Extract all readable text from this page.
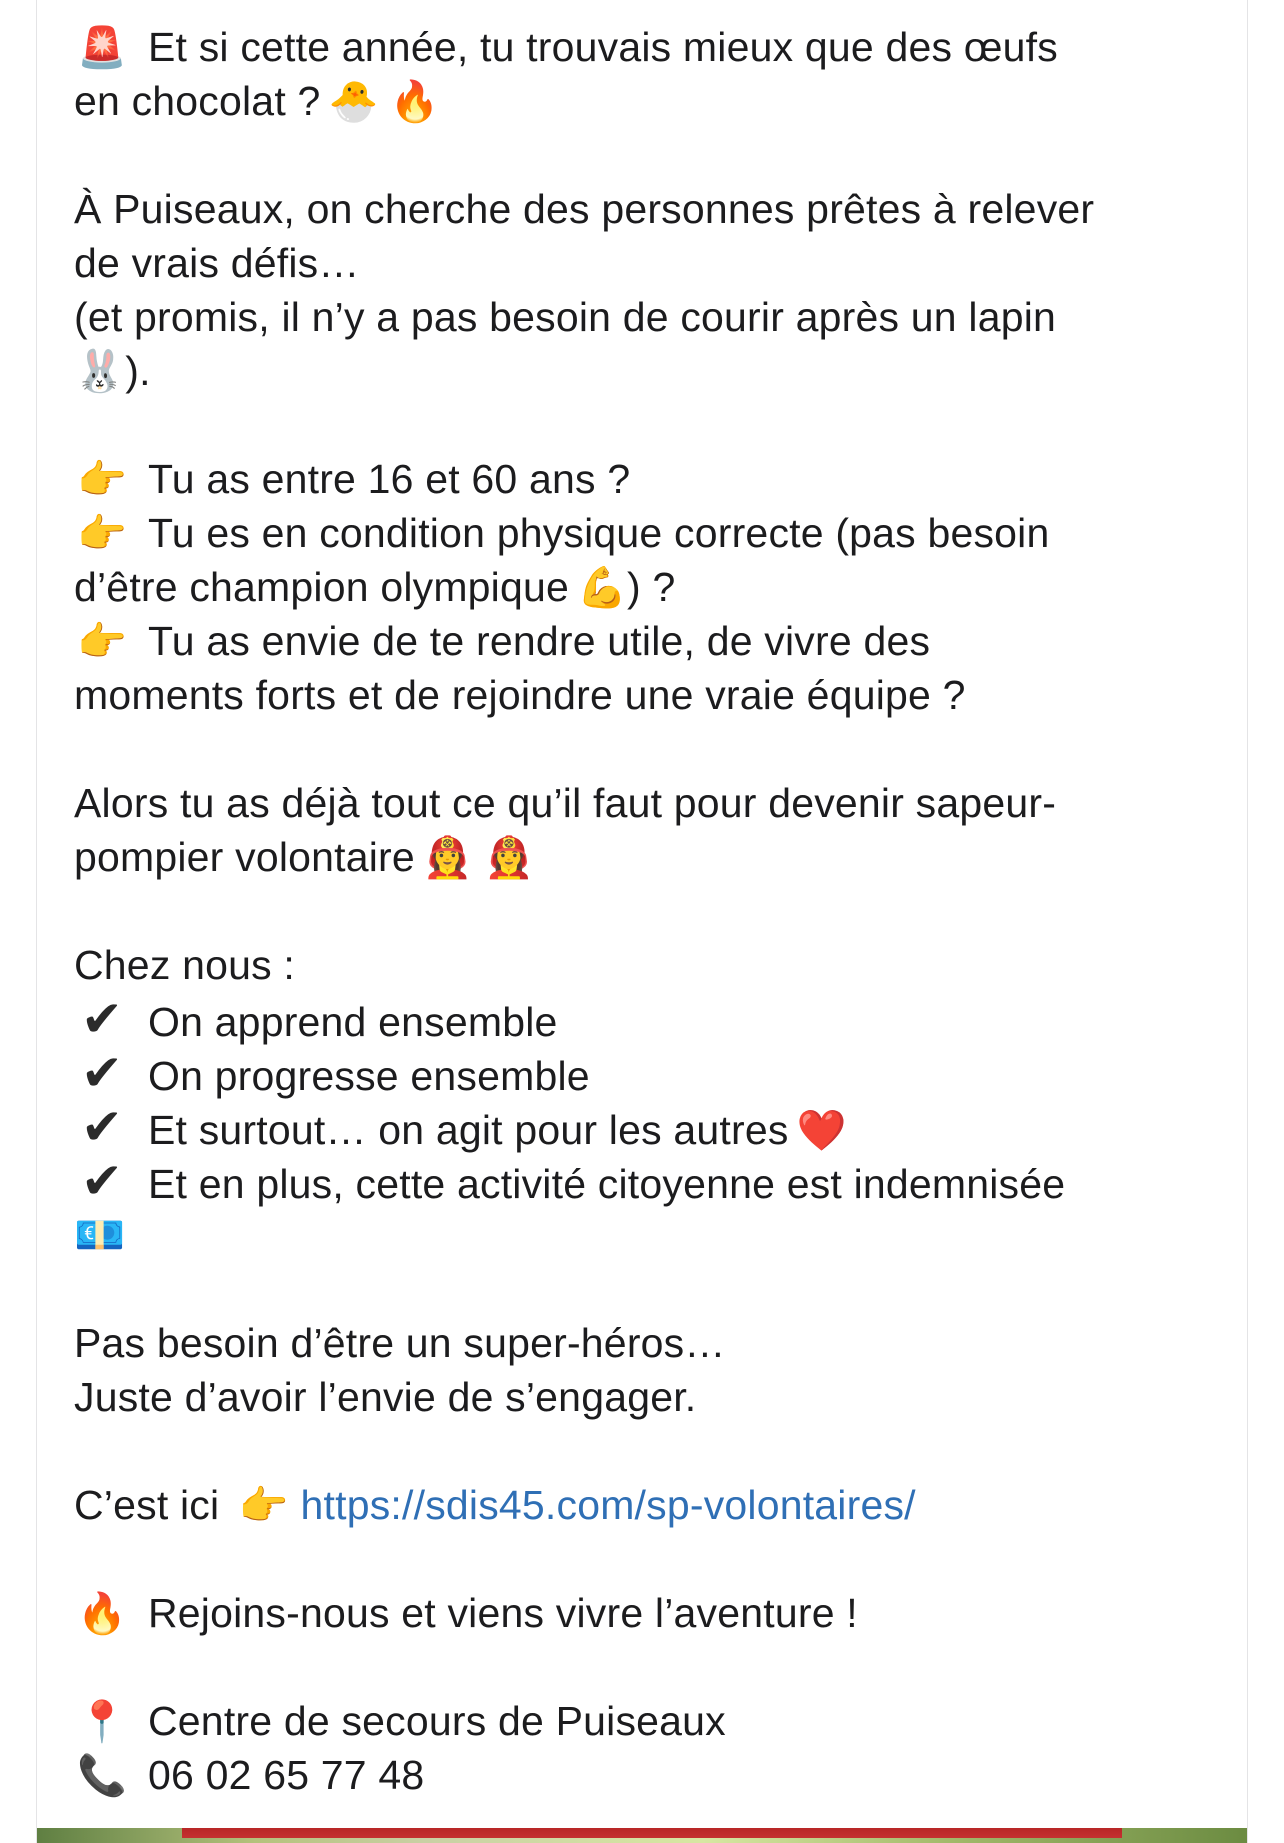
🚨 Et si cette année, tu trouvais mieux que des œufs
en chocolat ? 🐣 🔥
À Puiseaux, on cherche des personnes prêtes à relever
de vrais défis…
(et promis, il n’y a pas besoin de courir après un lapin
🐰).
👉 Tu as entre 16 et 60 ans ?
👉 Tu es en condition physique correcte (pas besoin
d’être champion olympique 💪) ?
👉 Tu as envie de te rendre utile, de vivre des
moments forts et de rejoindre une vraie équipe ?
Alors tu as déjà tout ce qu’il faut pour devenir sapeur-
pompier volontaire 👩‍🚒 👩‍🚒
Chez nous :
✔ On apprend ensemble
✔ On progresse ensemble
✔ Et surtout… on agit pour les autres ❤️
✔ Et en plus, cette activité citoyenne est indemnisée
💶
Pas besoin d’être un super-héros…
Juste d’avoir l’envie de s’engager.
C’est ici 👉 https://sdis45.com/sp-volontaires/
🔥 Rejoins-nous et viens vivre l’aventure !
📍 Centre de secours de Puiseaux
📞 06 02 65 77 48
